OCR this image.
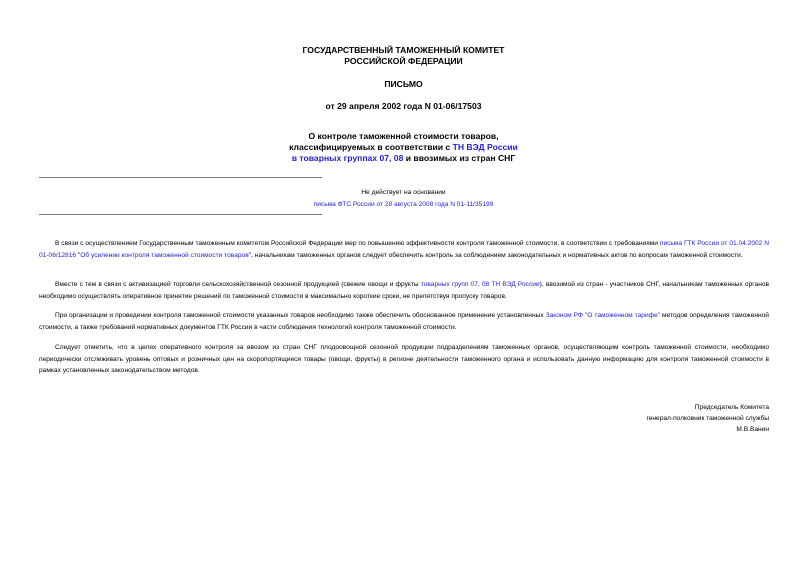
ГОСУДАРСТВЕННЫЙ ТАМОЖЕННЫЙ КОМИТЕТ
РОССИЙСКОЙ ФЕДЕРАЦИИ
ПИСЬМО
от 29 апреля 2002 года N 01-06/17503
О контроле таможенной стоимости товаров,
классифицируемых в соответствии с ТН ВЭД России
в товарных группах 07, 08 и ввозимых из стран СНГ
Не действует на основании
письма ФТС России от 28 августа 2008 года N 01-11/35199

В связи с осуществлением Государственным таможенным комитетом Российской Федерации мер по повышению эффективности контроля таможенной стоимости, в соответствии с требованиями письма ГТК России от 01.04.2002 N 01-06/12816 "Об усилении контроля таможенной стоимости товаров", начальникам таможенных органов следует обеспечить контроль за соблюдением законодательных и нормативных актов по вопросам таможенной стоимости.

Вместе с тем в связи с активизацией торговли сельскохозяйственной сезонной продукцией (свежие овощи и фрукты товарных групп 07, 08 ТН ВЭД России), ввозимой из стран - участников СНГ, начальникам таможенных органов необходимо осуществлять оперативное принятие решений по таможенной стоимости в максимально короткие сроки, не препятствуя пропуску товаров.

При организации и проведении контроля таможенной стоимости указанных товаров необходимо также обеспечить обоснованное применение установленных Законом РФ "О таможенном тарифе" методов определения таможенной стоимости, а также требований нормативных документов ГТК России в части соблюдения технологий контроля таможенной стоимости.

Следует отметить, что в целях оперативного контроля за ввозом из стран СНГ плодоовощной сезонной продукции подразделениям таможенных органов, осуществляющим контроль таможенной стоимости, необходимо периодически отслеживать уровень оптовых и розничных цен на скоропортящиеся товары (овощи, фрукты) в регионе деятельности таможенного органа и использовать данную информацию для контроля таможенной стоимости в рамках установленных законодательством методов.

Председатель Комитета
генерал-полковник таможенной службы
М.В.Ванин
